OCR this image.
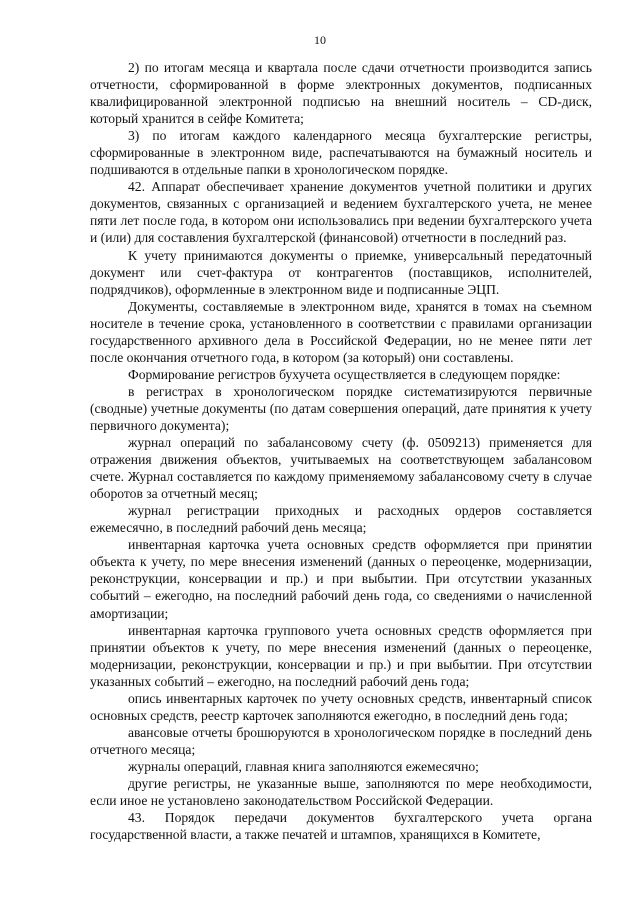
10

2) по итогам месяца и квартала после сдачи отчетности производится запись отчетности, сформированной в форме электронных документов, подписанных квалифицированной электронной подписью на внешний носитель – CD-диск, который хранится в сейфе Комитета;

3) по итогам каждого календарного месяца бухгалтерские регистры, сформированные в электронном виде, распечатываются на бумажный носитель и подшиваются в отдельные папки в хронологическом порядке.

42. Аппарат обеспечивает хранение документов учетной политики и других документов, связанных с организацией и ведением бухгалтерского учета, не менее пяти лет после года, в котором они использовались при ведении бухгалтерского учета и (или) для составления бухгалтерской (финансовой) отчетности в последний раз.

К учету принимаются документы о приемке, универсальный передаточный документ или счет-фактура от контрагентов (поставщиков, исполнителей, подрядчиков), оформленные в электронном виде и подписанные ЭЦП.

Документы, составляемые в электронном виде, хранятся в томах на съемном носителе в течение срока, установленного в соответствии с правилами организации государственного архивного дела в Российской Федерации, но не менее пяти лет после окончания отчетного года, в котором (за который) они составлены.

Формирование регистров бухучета осуществляется в следующем порядке:

в регистрах в хронологическом порядке систематизируются первичные (сводные) учетные документы (по датам совершения операций, дате принятия к учету первичного документа);

журнал операций по забалансовому счету (ф. 0509213) применяется для отражения движения объектов, учитываемых на соответствующем забалансовом счете. Журнал составляется по каждому применяемому забалансовому счету в случае оборотов за отчетный месяц;

журнал регистрации приходных и расходных ордеров составляется ежемесячно, в последний рабочий день месяца;

инвентарная карточка учета основных средств оформляется при принятии объекта к учету, по мере внесения изменений (данных о переоценке, модернизации, реконструкции, консервации и пр.) и при выбытии. При отсутствии указанных событий – ежегодно, на последний рабочий день года, со сведениями о начисленной амортизации;

инвентарная карточка группового учета основных средств оформляется при принятии объектов к учету, по мере внесения изменений (данных о переоценке, модернизации, реконструкции, консервации и пр.) и при выбытии. При отсутствии указанных событий – ежегодно, на последний рабочий день года;

опись инвентарных карточек по учету основных средств, инвентарный список основных средств, реестр карточек заполняются ежегодно, в последний день года;

авансовые отчеты брошюруются в хронологическом порядке в последний день отчетного месяца;

журналы операций, главная книга заполняются ежемесячно;

другие регистры, не указанные выше, заполняются по мере необходимости, если иное не установлено законодательством Российской Федерации.

43. Порядок передачи документов бухгалтерского учета органа государственной власти, а также печатей и штампов, хранящихся в Комитете,
